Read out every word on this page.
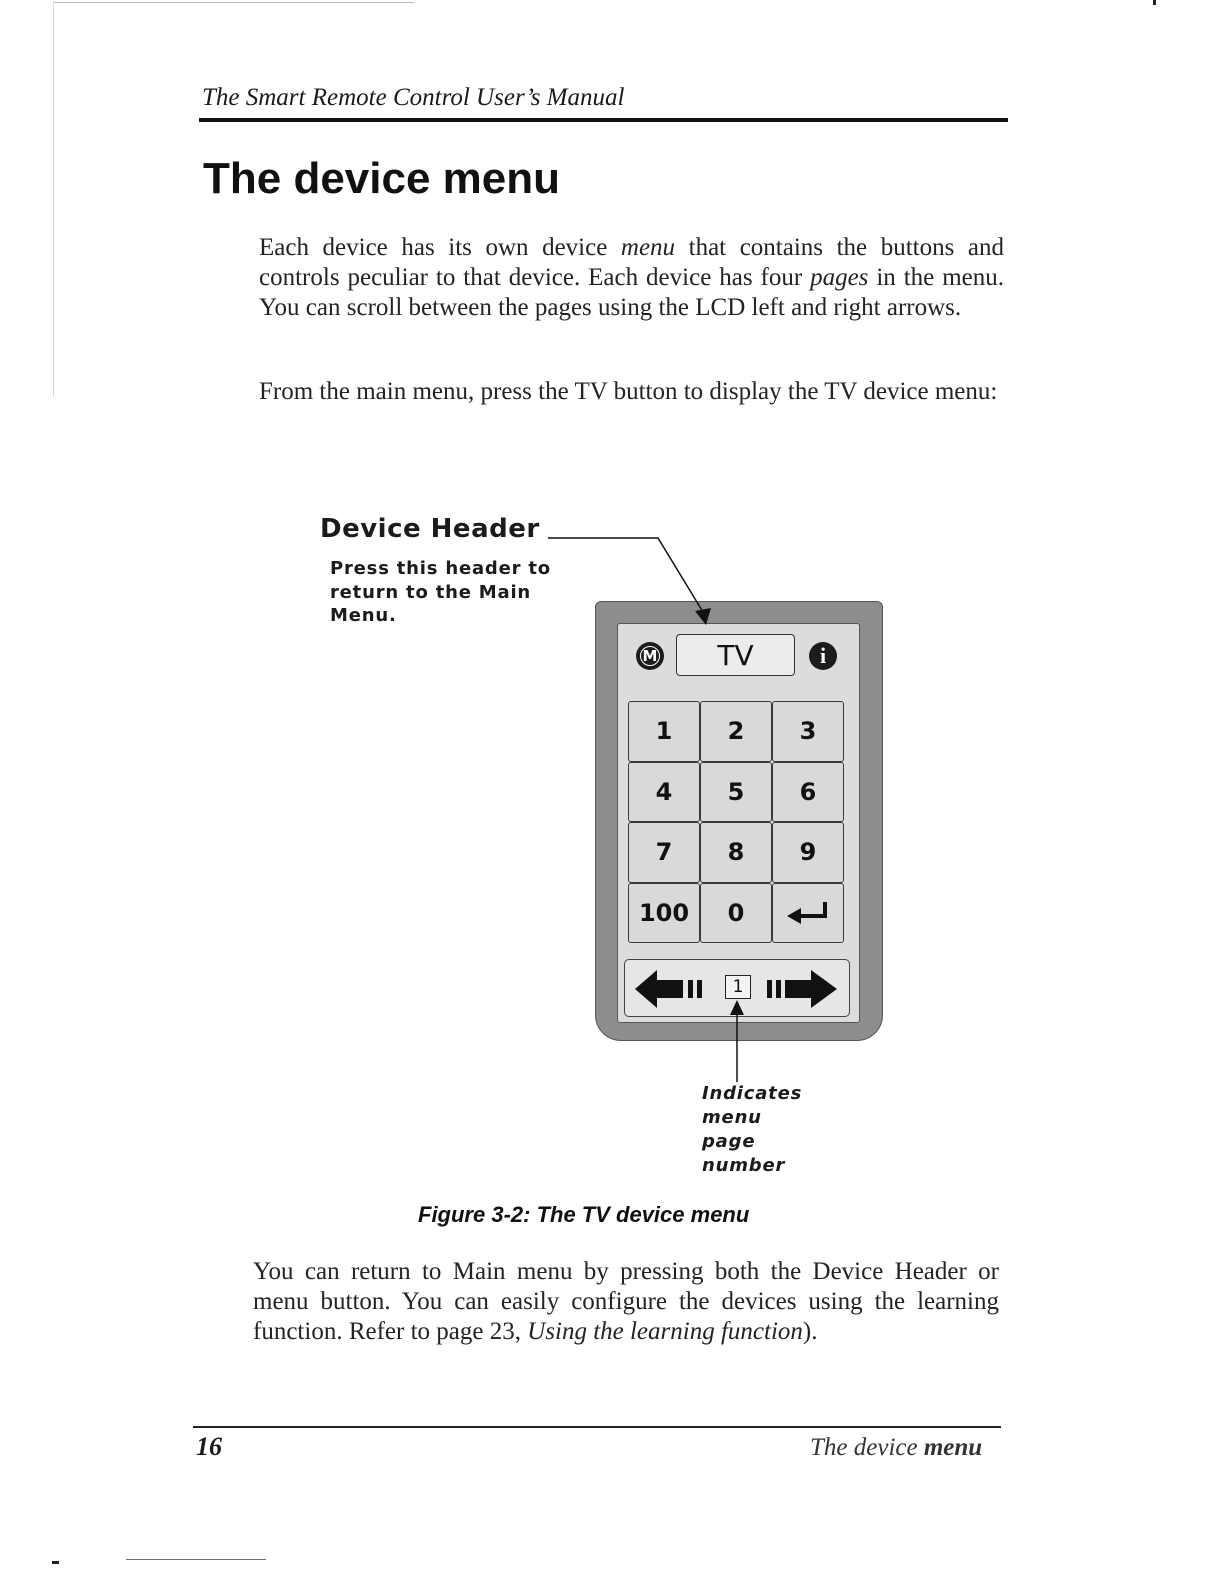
The Smart Remote Control User’s Manual
The device menu

Each device has its own device menu that contains the buttons and controls peculiar to that device. Each device has four pages in the menu. You can scroll between the pages using the LCD left and right arrows.

From the main menu, press the TV button to display the TV device menu:

Device Header
Press this header to return to the Main Menu.
M	TV	i
1	2	3
4	5	6
7	8	9
100	0
1
Indicates menu page number
Figure 3-2: The TV device menu

You can return to Main menu by pressing both the Device Header or menu button. You can easily configure the devices using the learning function. Refer to page 23, Using the learning function).

16	The device menu
